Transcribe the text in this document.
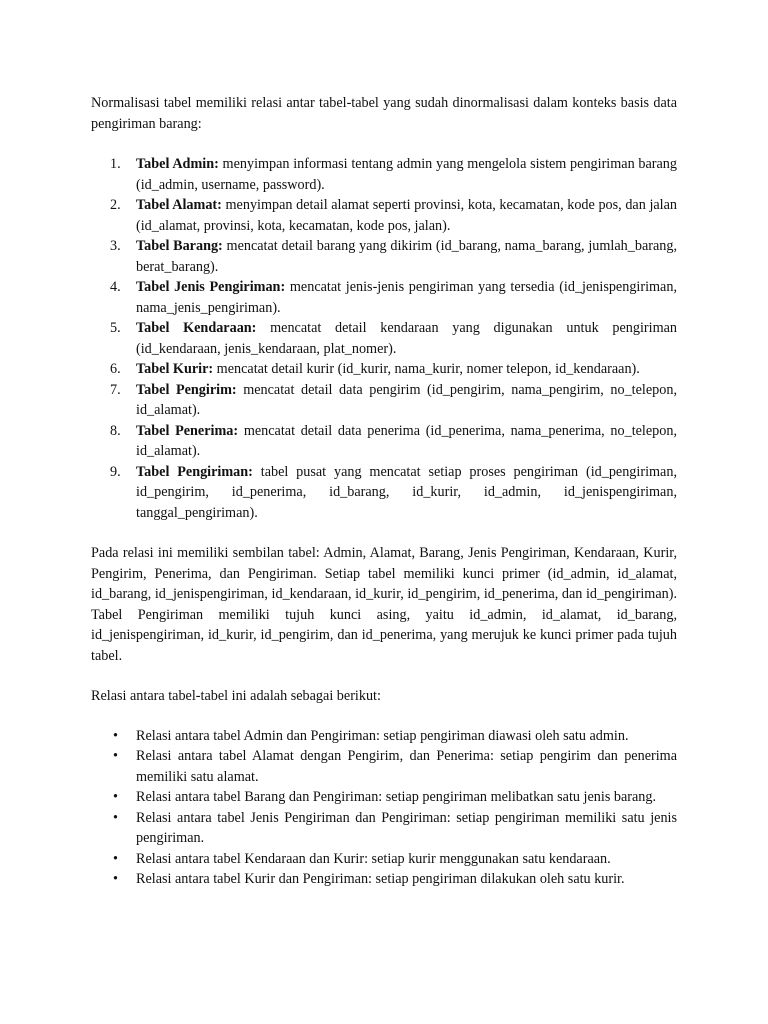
Normalisasi tabel memiliki relasi antar tabel-tabel yang sudah dinormalisasi dalam konteks basis data pengiriman barang:

1. Tabel Admin: menyimpan informasi tentang admin yang mengelola sistem pengiriman barang (id_admin, username, password).
2. Tabel Alamat: menyimpan detail alamat seperti provinsi, kota, kecamatan, kode pos, dan jalan (id_alamat, provinsi, kota, kecamatan, kode pos, jalan).
3. Tabel Barang: mencatat detail barang yang dikirim (id_barang, nama_barang, jumlah_barang, berat_barang).
4. Tabel Jenis Pengiriman: mencatat jenis-jenis pengiriman yang tersedia (id_jenispengiriman, nama_jenis_pengiriman).
5. Tabel Kendaraan: mencatat detail kendaraan yang digunakan untuk pengiriman (id_kendaraan, jenis_kendaraan, plat_nomer).
6. Tabel Kurir: mencatat detail kurir (id_kurir, nama_kurir, nomer telepon, id_kendaraan).
7. Tabel Pengirim: mencatat detail data pengirim (id_pengirim, nama_pengirim, no_telepon, id_alamat).
8. Tabel Penerima: mencatat detail data penerima (id_penerima, nama_penerima, no_telepon, id_alamat).
9. Tabel Pengiriman: tabel pusat yang mencatat setiap proses pengiriman (id_pengiriman, id_pengirim, id_penerima, id_barang, id_kurir, id_admin, id_jenispengiriman, tanggal_pengiriman).

Pada relasi ini memiliki sembilan tabel: Admin, Alamat, Barang, Jenis Pengiriman, Kendaraan, Kurir, Pengirim, Penerima, dan Pengiriman. Setiap tabel memiliki kunci primer (id_admin, id_alamat, id_barang, id_jenispengiriman, id_kendaraan, id_kurir, id_pengirim, id_penerima, dan id_pengiriman). Tabel Pengiriman memiliki tujuh kunci asing, yaitu id_admin, id_alamat, id_barang, id_jenispengiriman, id_kurir, id_pengirim, dan id_penerima, yang merujuk ke kunci primer pada tujuh tabel.

Relasi antara tabel-tabel ini adalah sebagai berikut:

• Relasi antara tabel Admin dan Pengiriman: setiap pengiriman diawasi oleh satu admin.
• Relasi antara tabel Alamat dengan Pengirim, dan Penerima: setiap pengirim dan penerima memiliki satu alamat.
• Relasi antara tabel Barang dan Pengiriman: setiap pengiriman melibatkan satu jenis barang.
• Relasi antara tabel Jenis Pengiriman dan Pengiriman: setiap pengiriman memiliki satu jenis pengiriman.
• Relasi antara tabel Kendaraan dan Kurir: setiap kurir menggunakan satu kendaraan.
• Relasi antara tabel Kurir dan Pengiriman: setiap pengiriman dilakukan oleh satu kurir.
